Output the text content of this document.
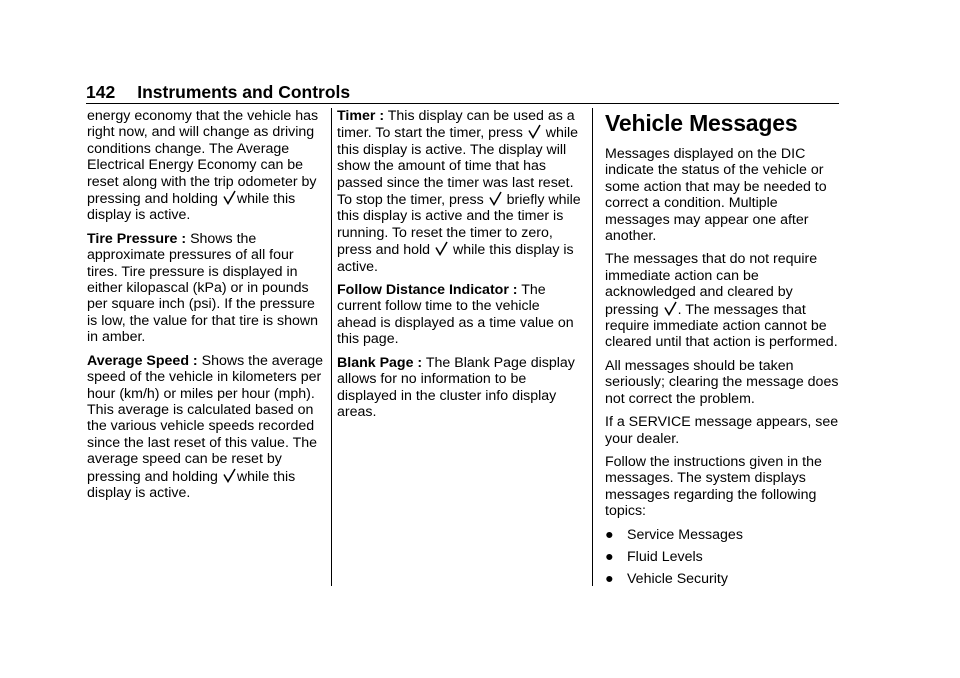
142 Instruments and Controls

energy economy that the vehicle has right now, and will change as driving conditions change. The Average Electrical Energy Economy can be reset along with the trip odometer by pressing and holding while this display is active.

Tire Pressure : Shows the approximate pressures of all four tires. Tire pressure is displayed in either kilopascal (kPa) or in pounds per square inch (psi). If the pressure is low, the value for that tire is shown in amber.

Average Speed : Shows the average speed of the vehicle in kilometers per hour (km/h) or miles per hour (mph). This average is calculated based on the various vehicle speeds recorded since the last reset of this value. The average speed can be reset by pressing and holding while this display is active.

Timer : This display can be used as a timer. To start the timer, press while this display is active. The display will show the amount of time that has passed since the timer was last reset. To stop the timer, press briefly while this display is active and the timer is running. To reset the timer to zero, press and hold while this display is active.

Follow Distance Indicator : The current follow time to the vehicle ahead is displayed as a time value on this page.

Blank Page : The Blank Page display allows for no information to be displayed in the cluster info display areas.

Vehicle Messages

Messages displayed on the DIC indicate the status of the vehicle or some action that may be needed to correct a condition. Multiple messages may appear one after another.

The messages that do not require immediate action can be acknowledged and cleared by pressing . The messages that require immediate action cannot be cleared until that action is performed.

All messages should be taken seriously; clearing the message does not correct the problem.

If a SERVICE message appears, see your dealer.

Follow the instructions given in the messages. The system displays messages regarding the following topics:

● Service Messages
● Fluid Levels
● Vehicle Security
